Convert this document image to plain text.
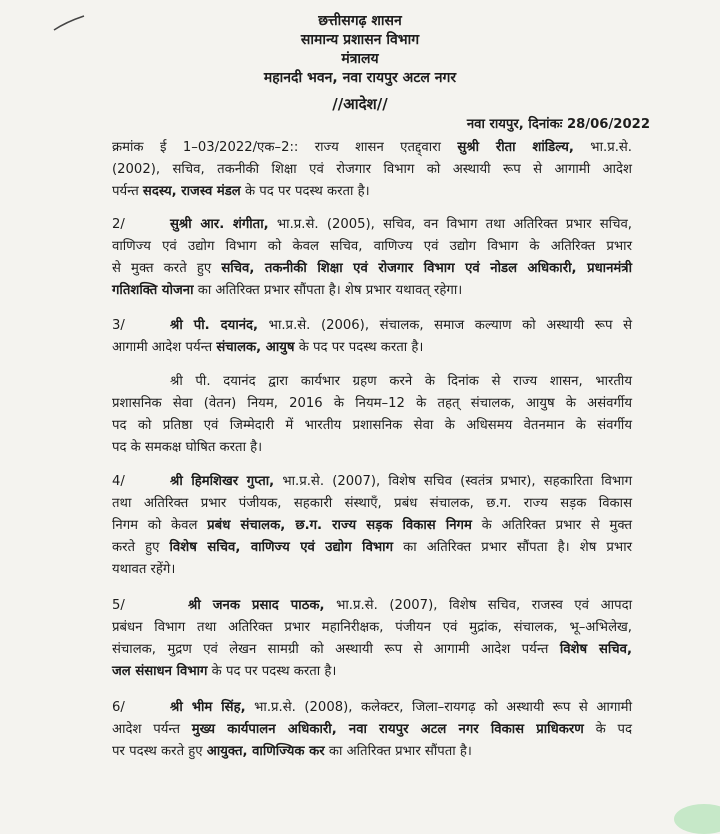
छत्तीसगढ़ शासन
सामान्य प्रशासन विभाग
मंत्रालय
महानदी भवन, नवा रायपुर अटल नगर
//आदेश//
नवा रायपुर, दिनांकः 28/06/2022
क्रमांक ई 1–03/2022/एक–2:: राज्य शासन एतद्द्वारा सुश्री रीता शांडिल्य, भा.प्र.से.
(2002), सचिव, तकनीकी शिक्षा एवं रोजगार विभाग को अस्थायी रूप से आगामी आदेश
पर्यन्त सदस्य, राजस्व मंडल के पद पर पदस्थ करता है।
2/	सुश्री आर. शंगीता, भा.प्र.से. (2005), सचिव, वन विभाग तथा अतिरिक्त प्रभार सचिव,
वाणिज्य एवं उद्योग विभाग को केवल सचिव, वाणिज्य एवं उद्योग विभाग के अतिरिक्त प्रभार
से मुक्त करते हुए सचिव, तकनीकी शिक्षा एवं रोजगार विभाग एवं नोडल अधिकारी, प्रधानमंत्री
गतिशक्ति योजना का अतिरिक्त प्रभार सौंपता है। शेष प्रभार यथावत् रहेगा।
3/	श्री पी. दयानंद, भा.प्र.से. (2006), संचालक, समाज कल्याण को अस्थायी रूप से
आगामी आदेश पर्यन्त संचालक, आयुष के पद पर पदस्थ करता है।
श्री पी. दयानंद द्वारा कार्यभार ग्रहण करने के दिनांक से राज्य शासन, भारतीय
प्रशासनिक सेवा (वेतन) नियम, 2016 के नियम–12 के तहत् संचालक, आयुष के असंवर्गीय
पद को प्रतिष्ठा एवं जिम्मेदारी में भारतीय प्रशासनिक सेवा के अधिसमय वेतनमान के संवर्गीय
पद के समकक्ष घोषित करता है।
4/	श्री हिमशिखर गुप्ता, भा.प्र.से. (2007), विशेष सचिव (स्वतंत्र प्रभार), सहकारिता विभाग
तथा अतिरिक्त प्रभार पंजीयक, सहकारी संस्थाएँ, प्रबंध संचालक, छ.ग. राज्य सड़क विकास
निगम को केवल प्रबंध संचालक, छ.ग. राज्य सड़क विकास निगम के अतिरिक्त प्रभार से मुक्त
करते हुए विशेष सचिव, वाणिज्य एवं उद्योग विभाग का अतिरिक्त प्रभार सौंपता है। शेष प्रभार
यथावत रहेंगे।
5/	श्री जनक प्रसाद पाठक, भा.प्र.से. (2007), विशेष सचिव, राजस्व एवं आपदा
प्रबंधन विभाग तथा अतिरिक्त प्रभार महानिरीक्षक, पंजीयन एवं मुद्रांक, संचालक, भू–अभिलेख,
संचालक, मुद्रण एवं लेखन सामग्री को अस्थायी रूप से आगामी आदेश पर्यन्त विशेष सचिव,
जल संसाधन विभाग के पद पर पदस्थ करता है।
6/	श्री भीम सिंह, भा.प्र.से. (2008), कलेक्टर, जिला–रायगढ़ को अस्थायी रूप से आगामी
आदेश पर्यन्त मुख्य कार्यपालन अधिकारी, नवा रायपुर अटल नगर विकास प्राधिकरण के पद
पर पदस्थ करते हुए आयुक्त, वाणिज्यिक कर का अतिरिक्त प्रभार सौंपता है।
